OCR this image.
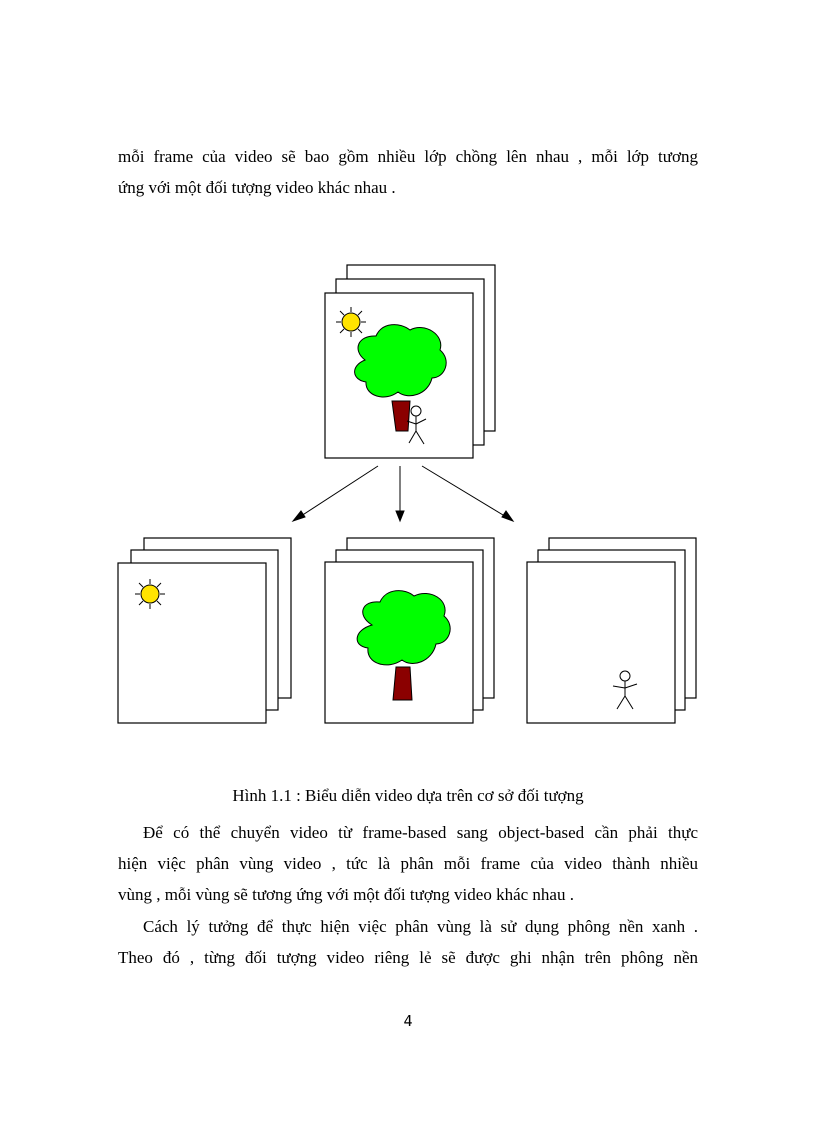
mỗi frame của video sẽ bao gồm nhiều lớp chồng lên nhau , mỗi lớp tương
ứng với một đối tượng video khác nhau .
Hình 1.1 : Biểu diễn video dựa trên cơ sở đối tượng
Để có thể chuyển video từ frame-based sang object-based cần phải thực
hiện việc phân vùng video , tức là phân mỗi frame của video thành nhiều
vùng , mỗi vùng sẽ tương ứng với một đối tượng video khác nhau .
Cách lý tưởng để thực hiện việc phân vùng là sử dụng phông nền xanh .
Theo đó , từng đối tượng video riêng lẻ sẽ được ghi nhận trên phông nền
4
